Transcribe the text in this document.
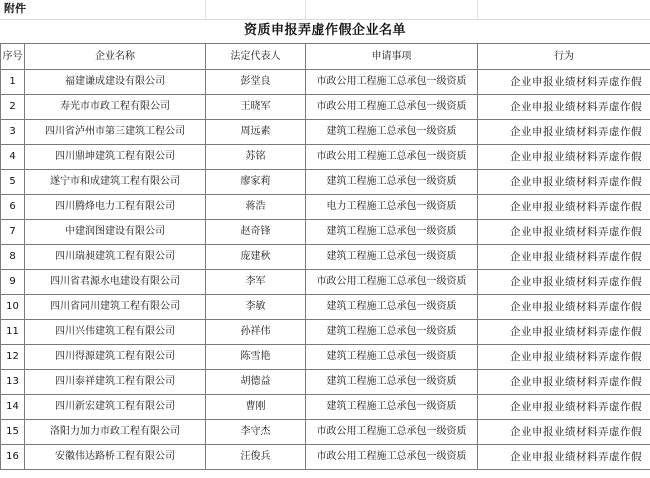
附件
资质申报弄虚作假企业名单
序号	企业名称	法定代表人	申请事项	行为
1	福建谦成建设有限公司	彭堂良	市政公用工程施工总承包一级资质	企业申报业绩材料弄虚作假
2	寿光市市政工程有限公司	王晓军	市政公用工程施工总承包一级资质	企业申报业绩材料弄虚作假
3	四川省泸州市第三建筑工程公司	周远素	建筑工程施工总承包一级资质	企业申报业绩材料弄虚作假
4	四川鼎坤建筑工程有限公司	苏铭	市政公用工程施工总承包一级资质	企业申报业绩材料弄虚作假
5	遂宁市和成建筑工程有限公司	廖家莉	建筑工程施工总承包一级资质	企业申报业绩材料弄虚作假
6	四川腾烽电力工程有限公司	蒋浩	电力工程施工总承包一级资质	企业申报业绩材料弄虚作假
7	中建润图建设有限公司	赵奇锋	建筑工程施工总承包一级资质	企业申报业绩材料弄虚作假
8	四川瑞昶建筑工程有限公司	庞建秋	建筑工程施工总承包一级资质	企业申报业绩材料弄虚作假
9	四川省君源水电建设有限公司	李军	市政公用工程施工总承包一级资质	企业申报业绩材料弄虚作假
10	四川省同川建筑工程有限公司	李敏	建筑工程施工总承包一级资质	企业申报业绩材料弄虚作假
11	四川兴伟建筑工程有限公司	孙祥伟	建筑工程施工总承包一级资质	企业申报业绩材料弄虚作假
12	四川得源建筑工程有限公司	陈雪艳	建筑工程施工总承包一级资质	企业申报业绩材料弄虚作假
13	四川泰祥建筑工程有限公司	胡德益	建筑工程施工总承包一级资质	企业申报业绩材料弄虚作假
14	四川新宏建筑工程有限公司	曹刚	建筑工程施工总承包一级资质	企业申报业绩材料弄虚作假
15	洛阳力加力市政工程有限公司	李守杰	市政公用工程施工总承包一级资质	企业申报业绩材料弄虚作假
16	安徽伟达路桥工程有限公司	汪俊兵	市政公用工程施工总承包一级资质	企业申报业绩材料弄虚作假
